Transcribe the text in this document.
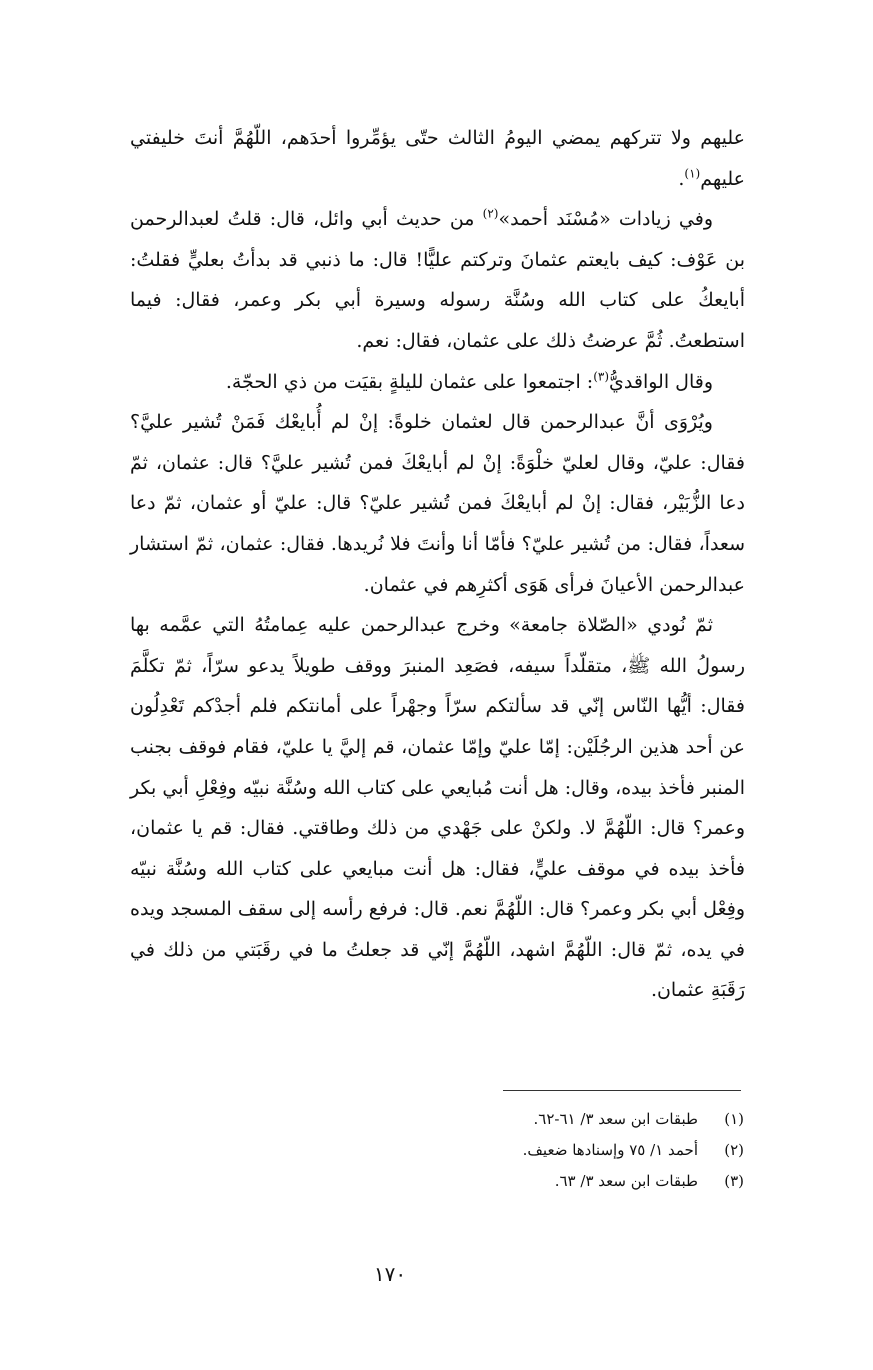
عليهم ولا تتركهم يمضي اليومُ الثالث حتّى يؤمِّروا أحدَهم، اللّهُمَّ أنتَ خليفتي عليهم$^{(١)}$.

وفي زيادات «مُسْنَد أحمد»$^{(٢)}$ من حديث أبي وائل، قال: قلتُ لعبدالرحمن بن عَوْف: كيف بايعتم عثمانَ وتركتم عليًّا! قال: ما ذنبي قد بدأتُ بعليٍّ فقلتُ: أبايعكُ على كتاب الله وسُنَّة رسوله وسيرة أبي بكر وعمر، فقال: فيما استطعتُ. ثُمَّ عرضتُ ذلك على عثمان، فقال: نعم.

وقال الواقديُّ$^{(٣)}$: اجتمعوا على عثمان لليلةٍ بقيَت من ذي الحجّة.

ويُرْوَى أنَّ عبدالرحمن قال لعثمان خلوةً: إنْ لم أُبايعْك فَمَنْ تُشير عليَّ؟ فقال: عليّ، وقال لعليّ خلْوَةً: إنْ لم أبايعْكَ فمن تُشير عليَّ؟ قال: عثمان، ثمّ دعا الزُّبَيْر، فقال: إنْ لم أبايعْكَ فمن تُشير عليّ؟ قال: عليّ أو عثمان، ثمّ دعا سعداً، فقال: من تُشير عليّ؟ فأمّا أنا وأنتَ فلا نُريدها. فقال: عثمان، ثمّ استشار عبدالرحمن الأعيانَ فرأى هَوَى أكثرِهم في عثمان.

ثمّ نُودي «الصّلاة جامعة» وخرج عبدالرحمن عليه عِمامتُهُ التي عمَّمه بها رسولُ الله ﷺ، متقلّداً سيفه، فصَعِد المنبرَ ووقف طويلاً يدعو سرّاً، ثمّ تكلَّمَ فقال: أيُّها النّاس إنّي قد سألتكم سرّاً وجهْراً على أمانتكم فلم أجدْكم تَعْدِلُون عن أحد هذين الرجُلَيْن: إمّا عليّ وإمّا عثمان، قم إليَّ يا عليّ، فقام فوقف بجنب المنبر فأخذ بيده، وقال: هل أنت مُبايعي على كتاب الله وسُنَّة نبيّه وفِعْلِ أبي بكر وعمر؟ قال: اللّهُمَّ لا. ولكنْ على جَهْدي من ذلك وطاقتي. فقال: قم يا عثمان، فأخذ بيده في موقف عليٍّ، فقال: هل أنت مبايعي على كتاب الله وسُنَّة نبيّه وفِعْل أبي بكر وعمر؟ قال: اللّهُمَّ نعم. قال: فرفع رأسه إلى سقف المسجد ويده في يده، ثمّ قال: اللّهُمَّ اشهد، اللّهُمَّ إنّي قد جعلتُ ما في رقَبَتي من ذلك في رَقَبَةِ عثمان.

(١)طبقات ابن سعد ٣/ ٦١-٦٢.
(٢)أحمد ١/ ٧٥ وإسنادها ضعيف.
(٣)طبقات ابن سعد ٣/ ٦٣.
١٧٠
